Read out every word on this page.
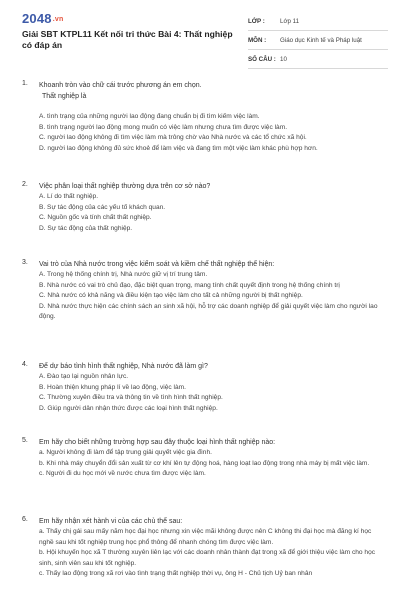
2048.vn
Giải SBT KTPL11 Kết nối tri thức Bài 4: Thất nghiệp có đáp án
LỚP :	Lớp 11
MÔN :	Giáo dục Kinh tế và Pháp luật
SỐ CÂU : 10
1. Khoanh tròn vào chữ cái trước phương án em chọn.
Thất nghiệp là
A. tình trạng của những người lao động đang chuẩn bị đi tìm kiếm việc làm.
B. tình trạng người lao động mong muốn có việc làm nhưng chưa tìm được việc làm.
C. người lao động không đi tìm việc làm mà trông chờ vào Nhà nước và các tổ chức xã hội.
D. người lao động không đủ sức khoẻ để làm việc và đang tìm một việc làm khác phù hợp hơn.
2. Việc phân loại thất nghiệp thường dựa trên cơ sở nào?
A. Lí do thất nghiệp.
B. Sự tác động của các yếu tố khách quan.
C. Nguồn gốc và tính chất thất nghiệp.
D. Sự tác động của thất nghiệp.
3. Vai trò của Nhà nước trong việc kiểm soát và kiềm chế thất nghiệp thể hiện:
A. Trong hệ thống chính trị, Nhà nước giữ vị trí trung tâm.
B. Nhà nước có vai trò chủ đạo, đặc biệt quan trọng, mang tính chất quyết định trong hệ thống chính trị
C. Nhà nước có khả năng và điều kiện tạo việc làm cho tất cả những người bị thất nghiệp.
D. Nhà nước thực hiện các chính sách an sinh xã hội, hỗ trợ các doanh nghiệp để giải quyết việc làm cho người lao động.
4. Để dự báo tình hình thất nghiệp, Nhà nước đã làm gì?
A. Đào tạo lại nguồn nhân lực.
B. Hoàn thiện khung pháp lí về lao động, việc làm.
C. Thường xuyên điều tra và thông tin về tình hình thất nghiệp.
D. Giúp người dân nhận thức được các loại hình thất nghiệp.
5. Em hãy cho biết những trường hợp sau đây thuộc loại hình thất nghiệp nào:
a. Người không đi làm để tập trung giải quyết việc gia đình.
b. Khi nhà máy chuyển đổi sản xuất từ cơ khí lên tự động hoá, hàng loạt lao động trong nhà máy bị mất việc làm.
c. Người đi du học mới về nước chưa tìm được việc làm.
6. Em hãy nhận xét hành vi của các chủ thể sau:
a. Thấy chị gái sau mấy năm học đại học nhưng xin việc mãi không được nên C không thi đại học mà đăng kí học nghề sau khi tốt nghiệp trung học phổ thông để nhanh chóng tìm được việc làm.
b. Hội khuyến học xã T thường xuyên liên lạc với các doanh nhân thành đạt trong xã để giới thiệu việc làm cho học sinh, sinh viên sau khi tốt nghiệp.
c. Thấy lao động trong xã rơi vào tình trạng thất nghiệp thời vụ, ông H - Chủ tịch Uỷ ban nhân
